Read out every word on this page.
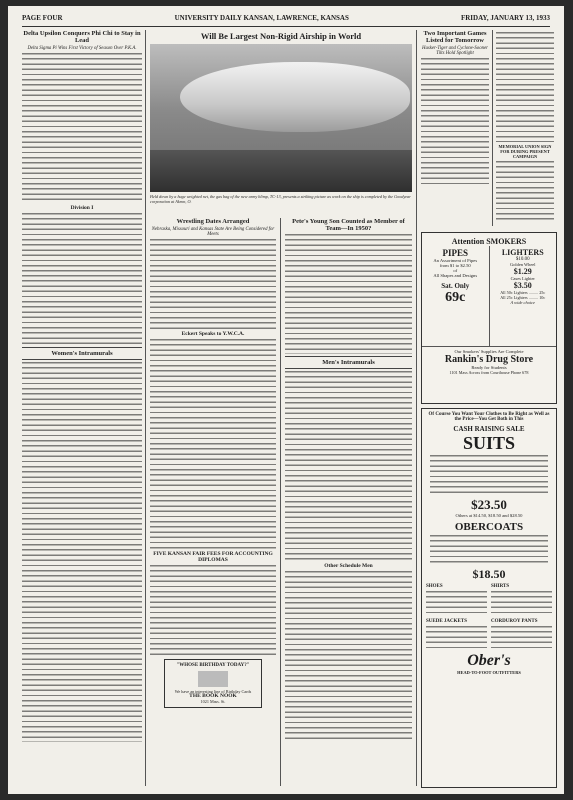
PAGE FOUR	UNIVERSITY DAILY KANSAN, LAWRENCE, KANSAS	FRIDAY, JANUARY 13, 1933
Delta Upsilon Conquers Phi Chi to Stay in Lead
Delta Sigma Pi Wins First Victory of Season Over P.K.A.
Division I
Women's Intramurals
Will Be Largest Non-Rigid Airship in World
Held down by a huge weighted net, the gas bag of the new army blimp, TC-13, presents a striking picture as work on the ship is completed by the Goodyear corporation at Akron, O.
Wrestling Dates Arranged
Nebraska, Missouri and Kansas State Are Being Considered for Meets
Eckert Speaks to Y.W.C.A.
FIVE KANSAN FAIR FEES FOR ACCOUNTING DIPLOMAS
"WHOSE BIRTHDAY TODAY?"
We have an interesting line of Birthday Cards
THE BOOK NOOK
1021 Mass. St.
Pete's Young Son Counted as Member of Team—In 1950?
Men's Intramurals
Other Schedule Men
Two Important Games Listed for Tomorrow
Husker-Tiger and Cyclone-Sooner Tilts Hold Spotlight
MEMORIAL UNION SIGN FOR DURING PRESENT CAMPAIGN
Attention SMOKERS
PIPES
An Assortment of Pipes
from $1 to $2.50
of
All Shapes and Designs
Sat. Only
69c
LIGHTERS
$10.00
Golden Wheel
$1.29
Cases Lighter
$3.50
All 50c Lighters ......... 25c
All 25c Lighters ......... 10c
A wide choice
Our Smokers' Supplies Are Complete
Rankin's Drug Store
Ready for Students
1101 Mass Across from Courthouse Phone 678
Of Course You Want Your Clothes to Be Right as Well as the Price—You Get Both in This
CASH RAISING SALE
SUITS
$23.50
Others at $14.50, $18.50 and $28.50
OBERCOATS
$18.50
SHOES
SUEDE JACKETS
SHIRTS
CORDUROY PANTS
Ober's
HEAD-TO-FOOT OUTFITTERS
